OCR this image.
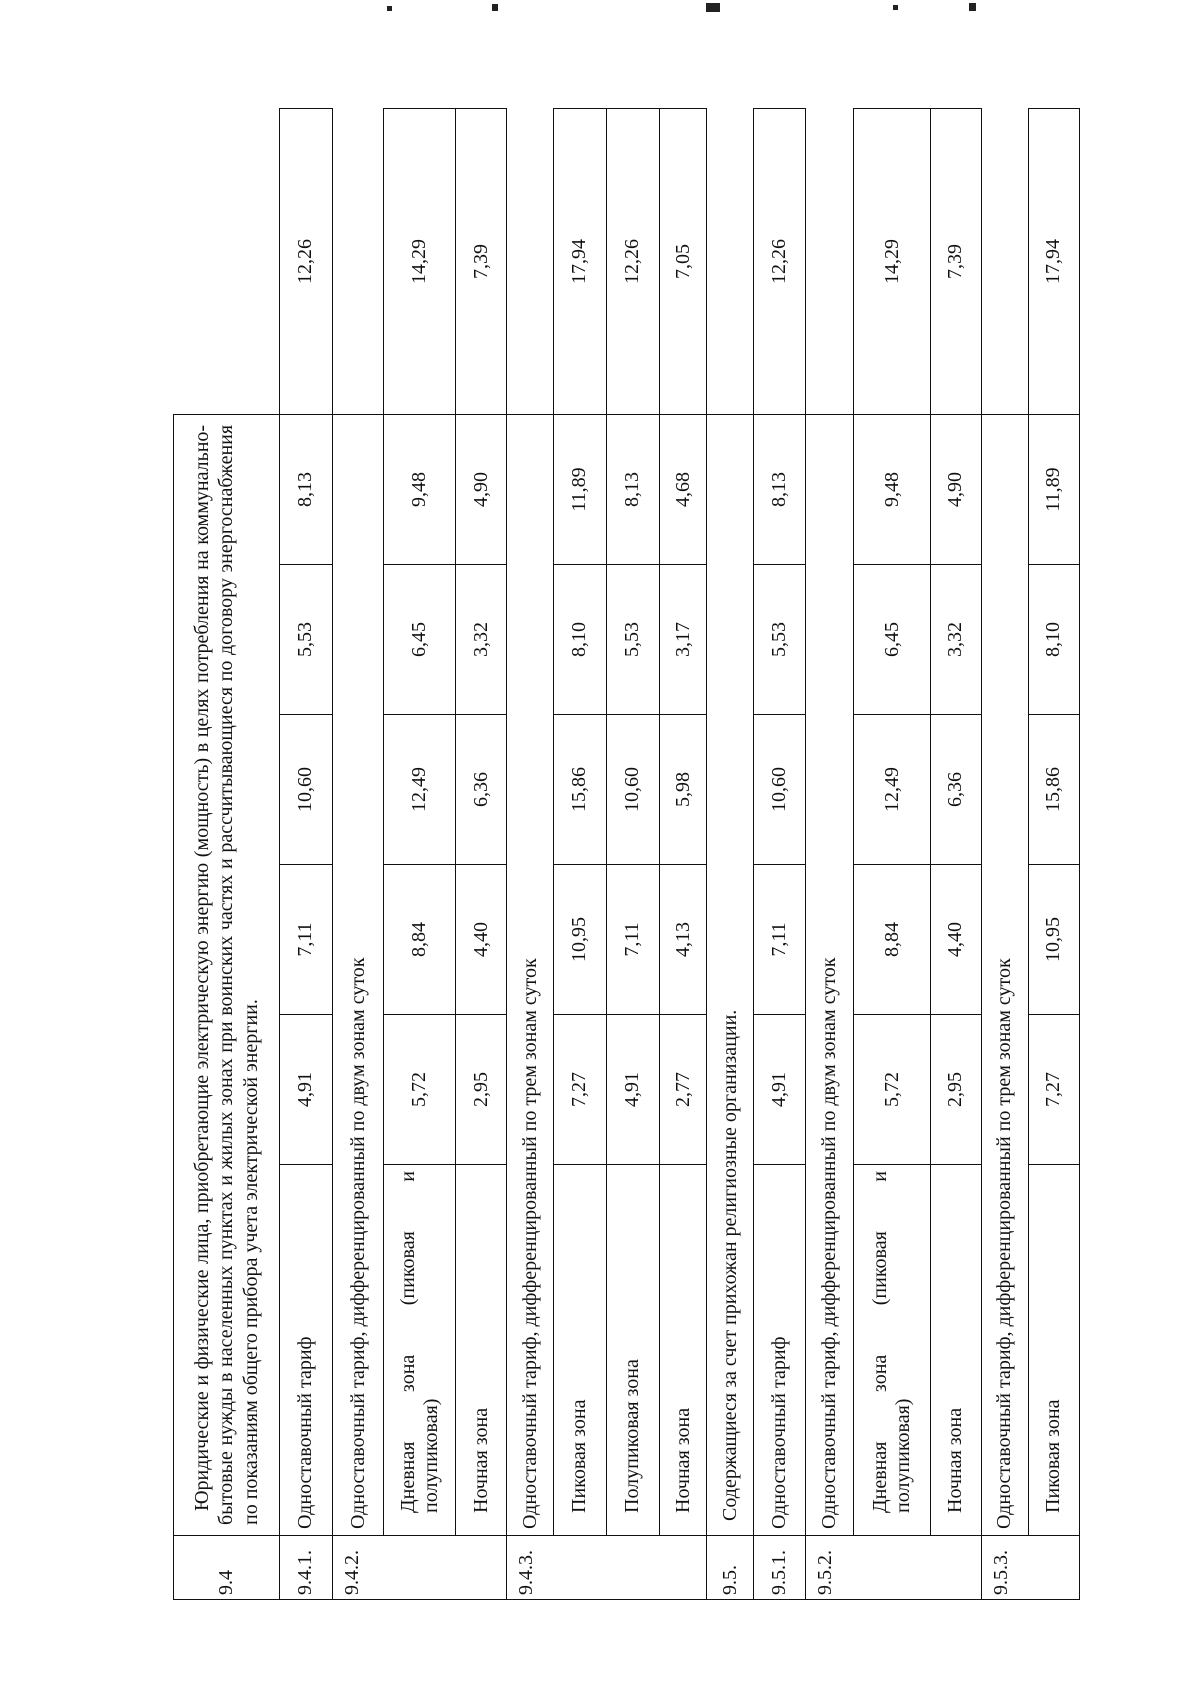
9.4	Юридические и физические лица, приобретающие электрическую энергию (мощность) в целях потребления на коммунально-бытовые нужды в населенных пунктах и жилых зонах при воинских частях и рассчитывающиеся по договору энергоснабжения по показаниям общего прибора учета электрической энергии.						
9.4.1.	Одноставочный тариф	4,91	7,11	10,60	5,53	8,13	12,26
9.4.2.	Одноставочный тариф, дифференцированный по двум зонам суток						

	Дневная
зона
(пиковая
и
полупиковая)	5,72	8,84	12,49	6,45	9,48	14,29
	Ночная зона	2,95	4,40	6,36	3,32	4,90	7,39
9.4.3.	Одноставочный тариф, дифференцированный по трем зонам суток						
	Пиковая зона	7,27	10,95	15,86	8,10	11,89	17,94
	Полупиковая зона	4,91	7,11	10,60	5,53	8,13	12,26
	Ночная зона	2,77	4,13	5,98	3,17	4,68	7,05
9.5.	Содержащиеся за счет прихожан религиозные организации.						
9.5.1.	Одноставочный тариф	4,91	7,11	10,60	5,53	8,13	12,26
9.5.2.	Одноставочный тариф, дифференцированный по двум зонам суток						

	Дневная
зона
(пиковая
и
полупиковая)	5,72	8,84	12,49	6,45	9,48	14,29
	Ночная зона	2,95	4,40	6,36	3,32	4,90	7,39
9.5.3.	Одноставочный тариф, дифференцированный по трем зонам суток						
	Пиковая зона	7,27	10,95	15,86	8,10	11,89	17,94
